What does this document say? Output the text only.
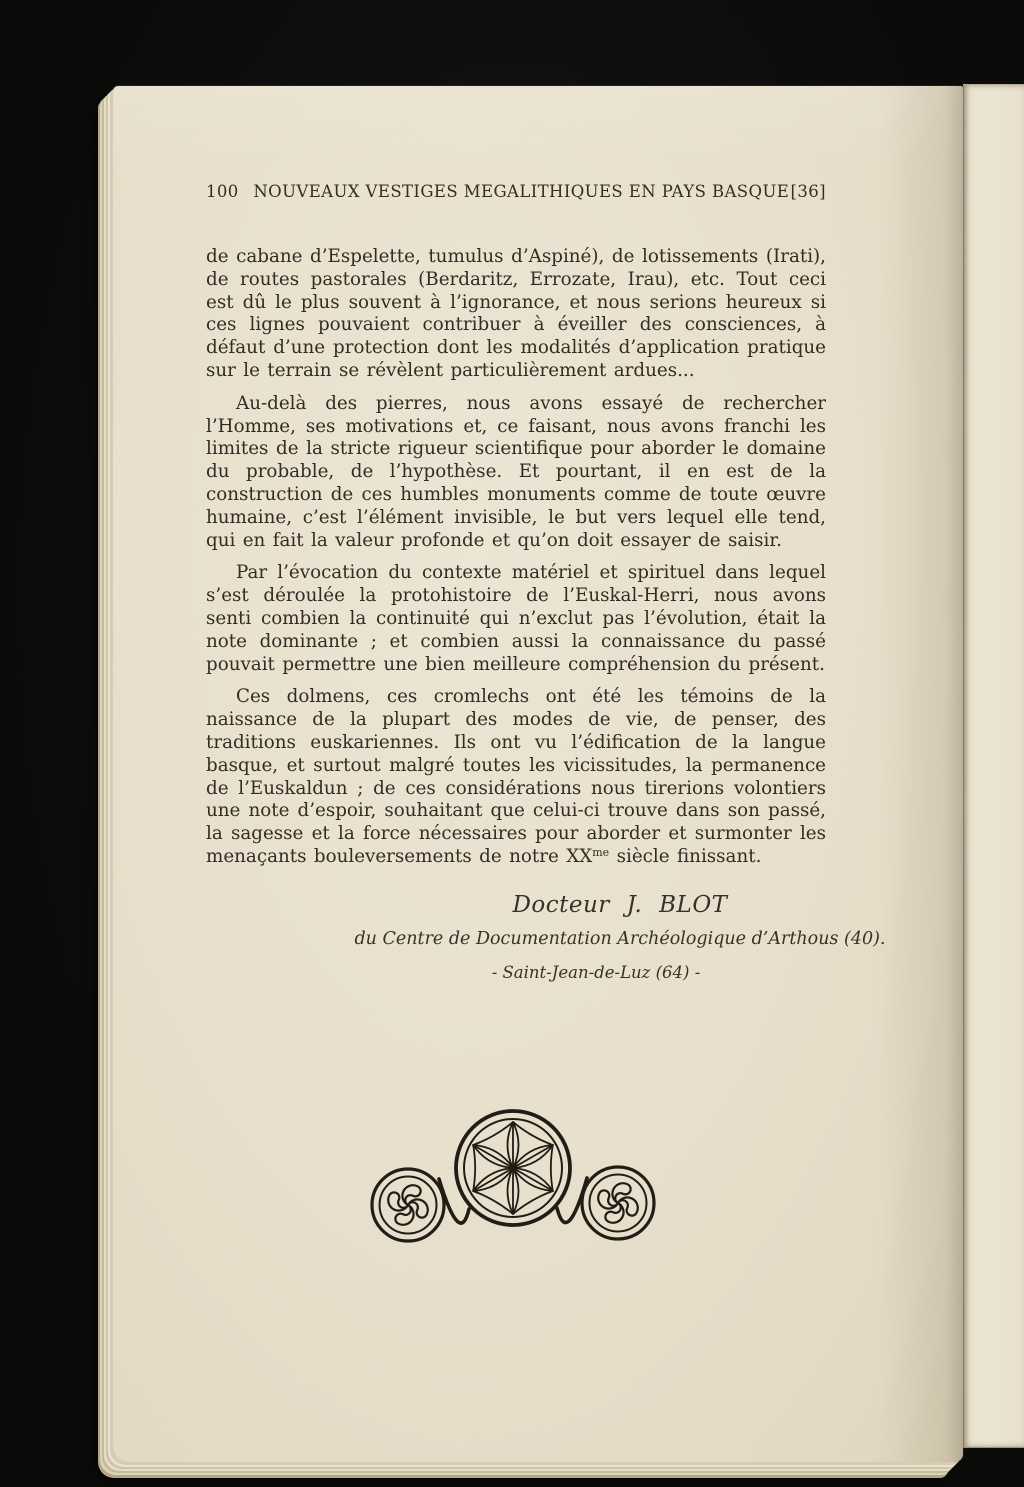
100 NOUVEAUX VESTIGES MEGALITHIQUES EN PAYS BASQUE [36]

de cabane d’Espelette, tumulus d’Aspiné), de lotissements (Irati), de routes pastorales (Berdaritz, Errozate, Irau), etc. Tout ceci est dû le plus souvent à l’ignorance, et nous serions heureux si ces lignes pouvaient contribuer à éveiller des consciences, à défaut d’une protection dont les modalités d’application pratique sur le terrain se révèlent particulièrement ardues...

Au-delà des pierres, nous avons essayé de rechercher l’Homme, ses motivations et, ce faisant, nous avons franchi les limites de la stricte rigueur scientifique pour aborder le domaine du probable, de l’hypothèse. Et pourtant, il en est de la construction de ces humbles monuments comme de toute œuvre humaine, c’est l’élément invisible, le but vers lequel elle tend, qui en fait la valeur profonde et qu’on doit essayer de saisir.

Par l’évocation du contexte matériel et spirituel dans lequel s’est déroulée la protohistoire de l’Euskal-Herri, nous avons senti combien la continuité qui n’exclut pas l’évolution, était la note dominante ; et combien aussi la connaissance du passé pouvait permettre une bien meilleure compréhension du présent.

Ces dolmens, ces cromlechs ont été les témoins de la naissance de la plupart des modes de vie, de penser, des traditions euskariennes. Ils ont vu l’édification de la langue basque, et surtout malgré toutes les vicissitudes, la permanence de l’Euskaldun ; de ces considérations nous tirerions volontiers une note d’espoir, souhaitant que celui-ci trouve dans son passé, la sagesse et la force nécessaires pour aborder et surmonter les menaçants bouleversements de notre $XX^{me}$ siècle finissant.

Docteur J. BLOT
du Centre de Documentation Archéologique d’Arthous (40).
- Saint-Jean-de-Luz (64) -
